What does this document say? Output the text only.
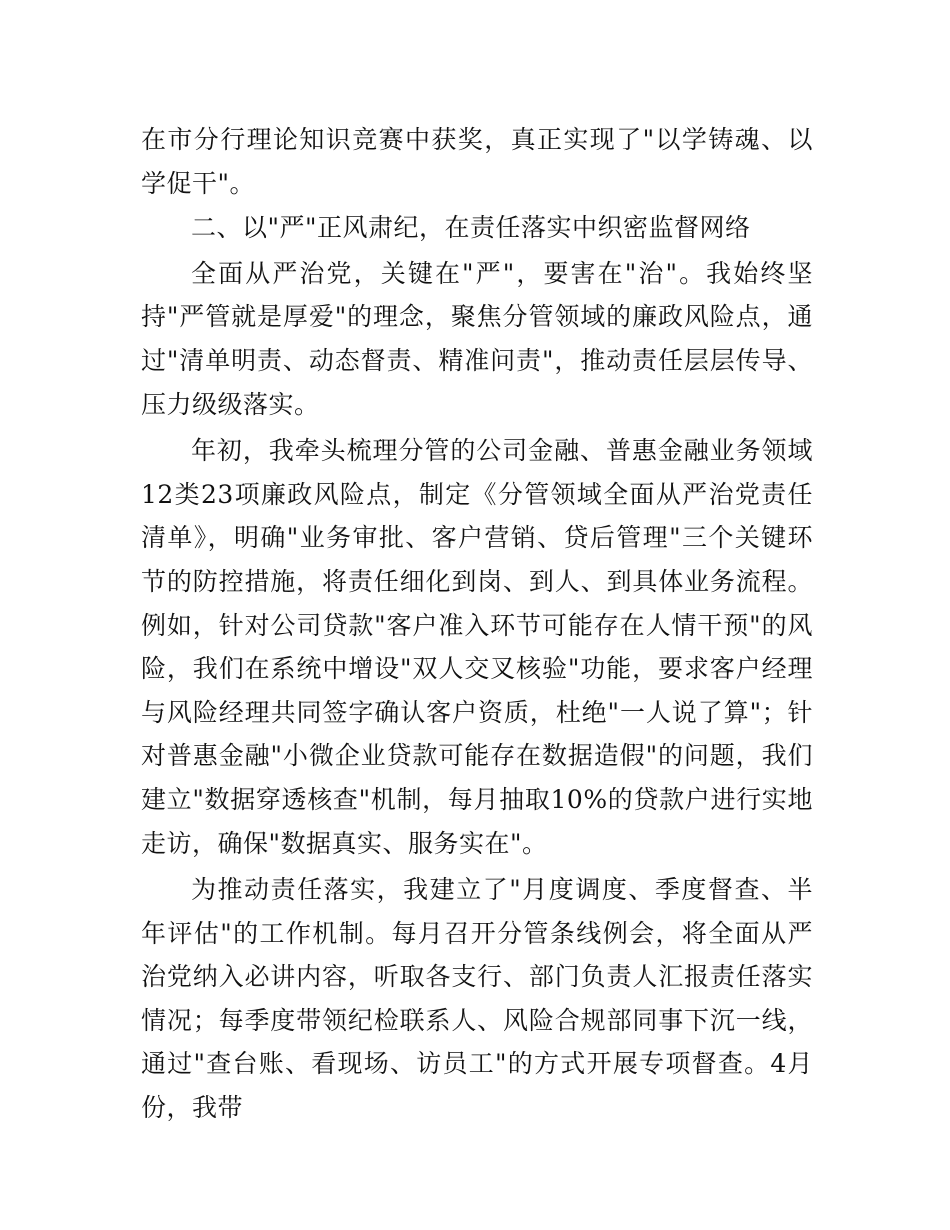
在市分行理论知识竞赛中获奖，真正实现了"以学铸魂、以学促干"。

二、以"严"正风肃纪，在责任落实中织密监督网络

全面从严治党，关键在"严"，要害在"治"。我始终坚持"严管就是厚爱"的理念，聚焦分管领域的廉政风险点，通过"清单明责、动态督责、精准问责"，推动责任层层传导、压力级级落实。

年初，我牵头梳理分管的公司金融、普惠金融业务领域12类23项廉政风险点，制定《分管领域全面从严治党责任清单》，明确"业务审批、客户营销、贷后管理"三个关键环节的防控措施，将责任细化到岗、到人、到具体业务流程。例如，针对公司贷款"客户准入环节可能存在人情干预"的风险，我们在系统中增设"双人交叉核验"功能，要求客户经理与风险经理共同签字确认客户资质，杜绝"一人说了算"；针对普惠金融"小微企业贷款可能存在数据造假"的问题，我们建立"数据穿透核查"机制，每月抽取10%的贷款户进行实地走访，确保"数据真实、服务实在"。

为推动责任落实，我建立了"月度调度、季度督查、半年评估"的工作机制。每月召开分管条线例会，将全面从严治党纳入必讲内容，听取各支行、部门负责人汇报责任落实情况；每季度带领纪检联系人、风险合规部同事下沉一线，通过"查台账、看现场、访员工"的方式开展专项督查。4月份，我带
